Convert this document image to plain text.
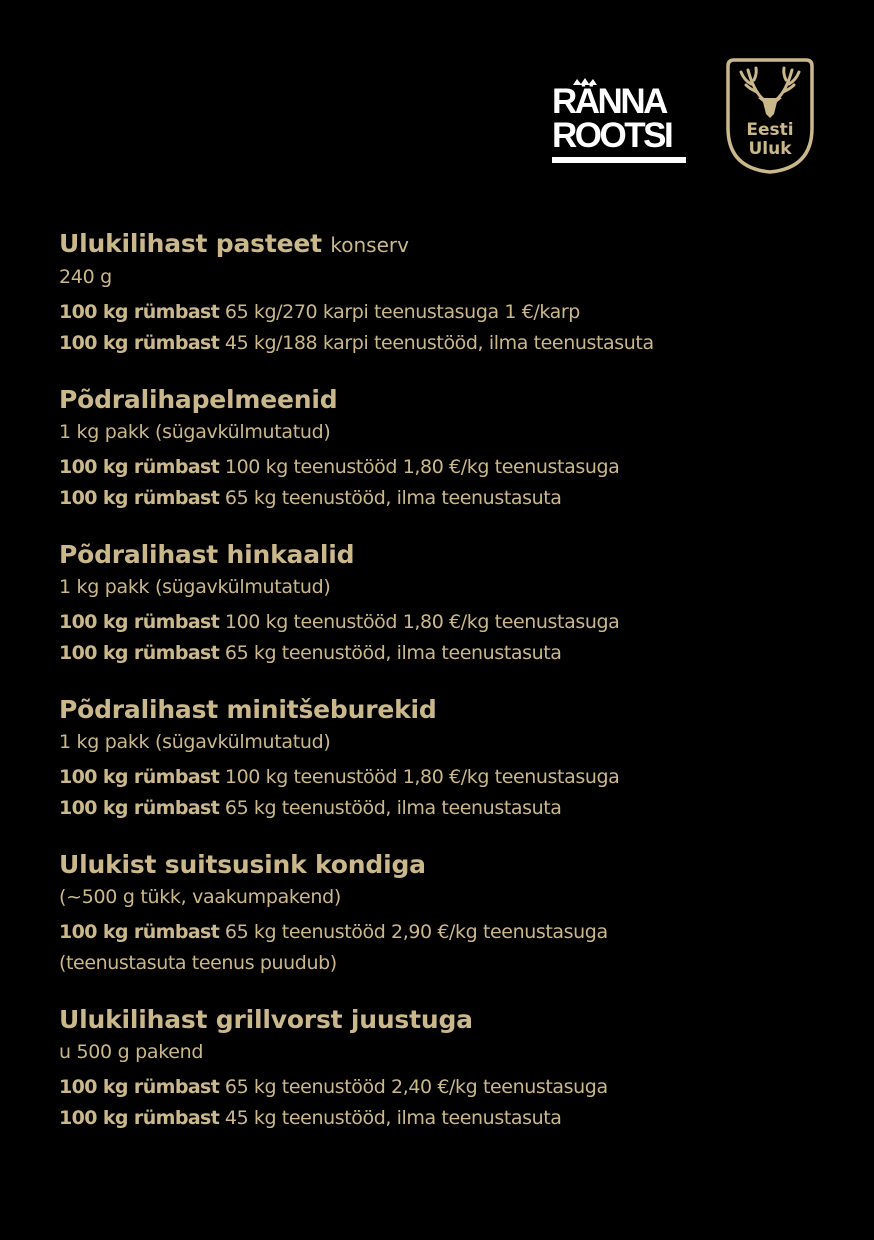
RÄNNA
ROOTSI	Eesti
Uluk
Ulukilihast pasteet konserv
240 g
100 kg rümbast 65 kg/270 karpi teenustasuga 1 €/karp
100 kg rümbast 45 kg/188 karpi teenustööd, ilma teenustasuta
Põdralihapelmeenid
1 kg pakk (sügavkülmutatud)
100 kg rümbast 100 kg teenustööd 1,80 €/kg teenustasuga
100 kg rümbast 65 kg teenustööd, ilma teenustasuta
Põdralihast hinkaalid
1 kg pakk (sügavkülmutatud)
100 kg rümbast 100 kg teenustööd 1,80 €/kg teenustasuga
100 kg rümbast 65 kg teenustööd, ilma teenustasuta
Põdralihast minitšeburekid
1 kg pakk (sügavkülmutatud)
100 kg rümbast 100 kg teenustööd 1,80 €/kg teenustasuga
100 kg rümbast 65 kg teenustööd, ilma teenustasuta
Ulukist suitsusink kondiga
(~500 g tükk, vaakumpakend)
100 kg rümbast 65 kg teenustööd 2,90 €/kg teenustasuga
(teenustasuta teenus puudub)
Ulukilihast grillvorst juustuga
u 500 g pakend
100 kg rümbast 65 kg teenustööd 2,40 €/kg teenustasuga
100 kg rümbast 45 kg teenustööd, ilma teenustasuta
